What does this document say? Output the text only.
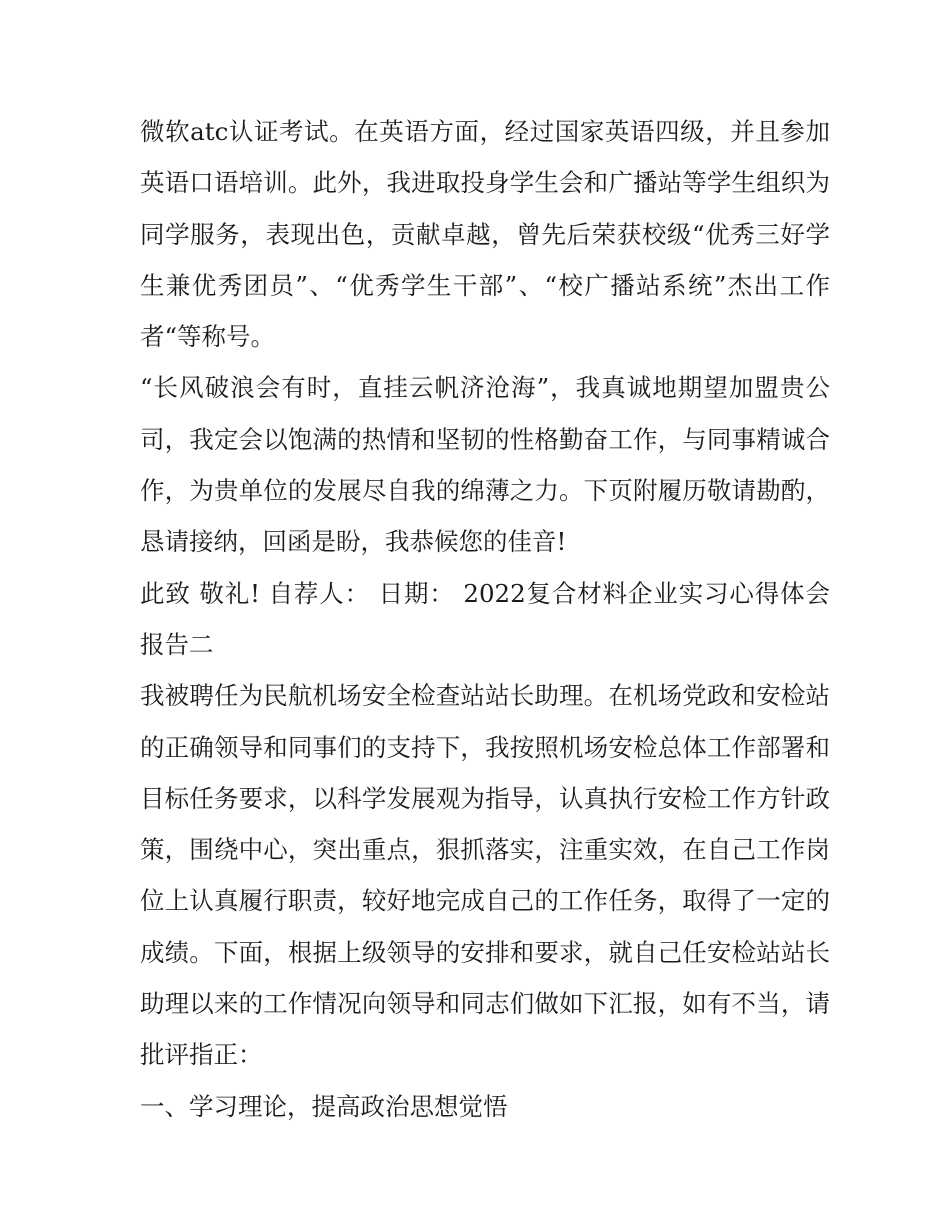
微软atc认证考试。在英语方面，经过国家英语四级，并且参加英语口语培训。此外，我进取投身学生会和广播站等学生组织为同学服务，表现出色，贡献卓越，曾先后荣获校级“优秀三好学生兼优秀团员”、“优秀学生干部”、“校广播站系统”杰出工作者“等称号。

“长风破浪会有时，直挂云帆济沧海”，我真诚地期望加盟贵公司，我定会以饱满的热情和坚韧的性格勤奋工作，与同事精诚合作，为贵单位的发展尽自我的绵薄之力。下页附履历敬请勘酌，恳请接纳，回函是盼，我恭候您的佳音!

此致 敬礼! 自荐人： 日期： 2022复合材料企业实习心得体会报告二

我被聘任为民航机场安全检查站站长助理。在机场党政和安检站的正确领导和同事们的支持下，我按照机场安检总体工作部署和目标任务要求，以科学发展观为指导，认真执行安检工作方针政策，围绕中心，突出重点，狠抓落实，注重实效，在自己工作岗位上认真履行职责，较好地完成自己的工作任务，取得了一定的成绩。下面，根据上级领导的安排和要求，就自己任安检站站长助理以来的工作情况向领导和同志们做如下汇报，如有不当，请批评指正：

一、学习理论，提高政治思想觉悟
